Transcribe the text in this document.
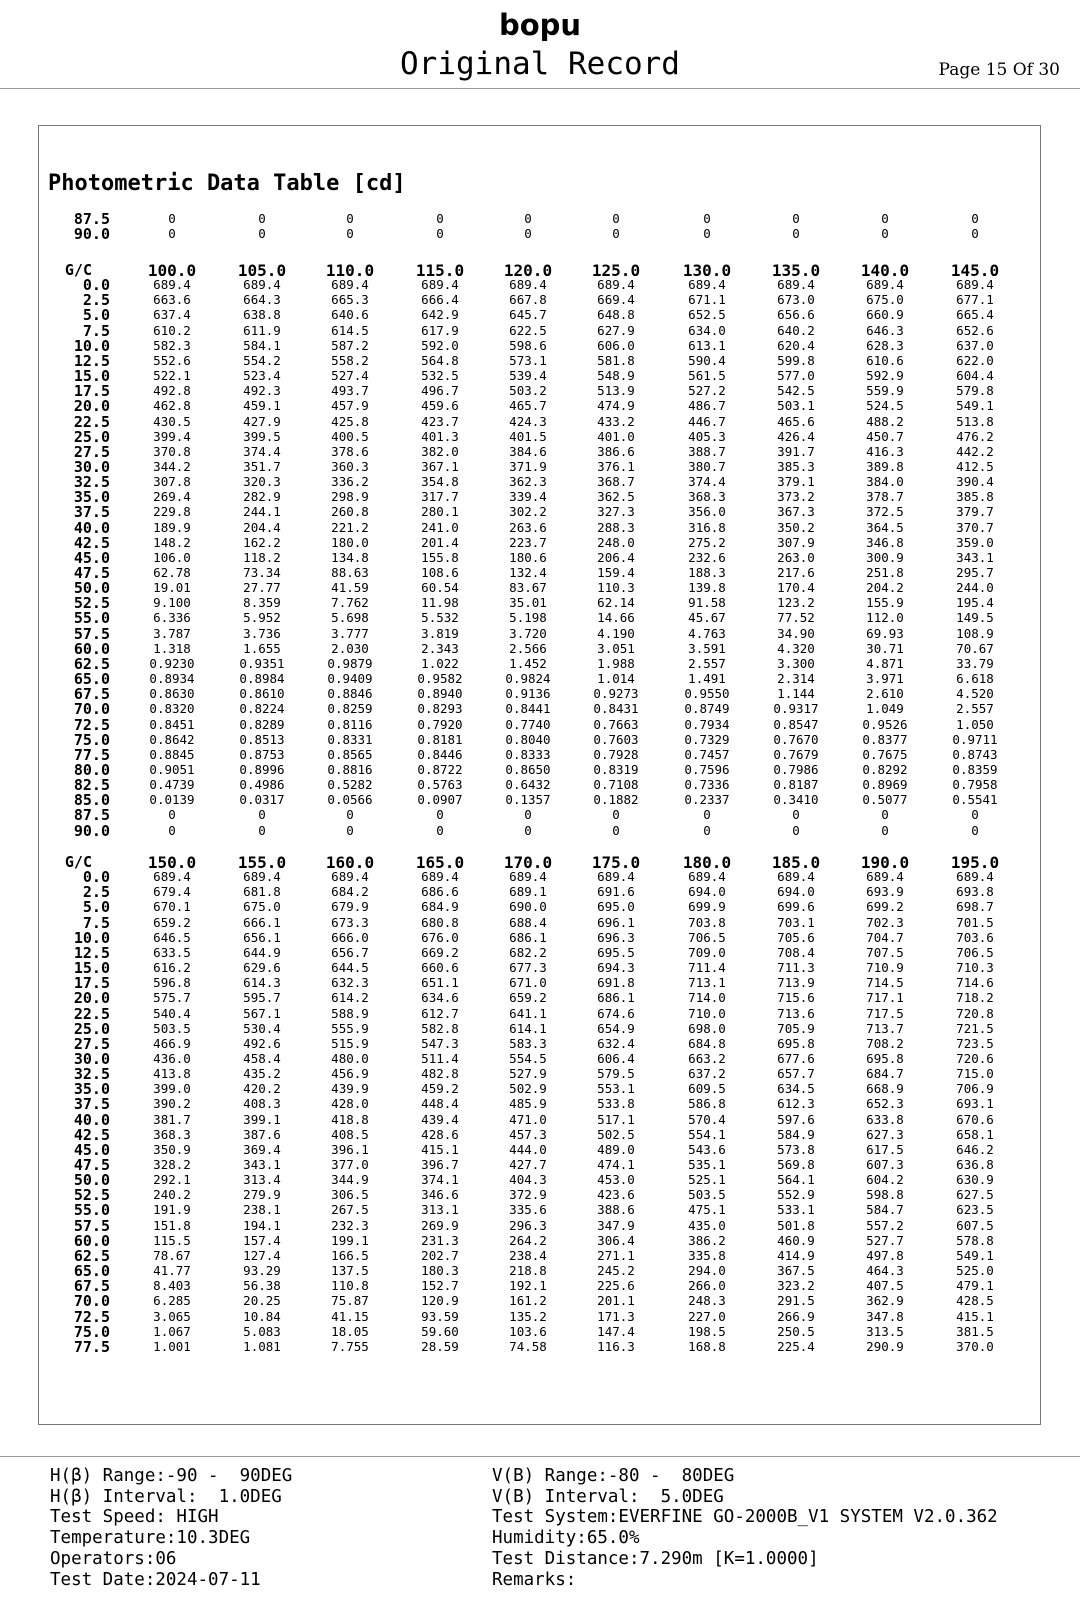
bopu
Original Record	Page 15 Of 30
Photometric Data Table [cd]
87.5	0	0	0	0	0	0	0	0	0	0
90.0	0	0	0	0	0	0	0	0	0	0
G/C	100.0	105.0	110.0	115.0	120.0	125.0	130.0	135.0	140.0	145.0
0.0	689.4	689.4	689.4	689.4	689.4	689.4	689.4	689.4	689.4	689.4
2.5	663.6	664.3	665.3	666.4	667.8	669.4	671.1	673.0	675.0	677.1
5.0	637.4	638.8	640.6	642.9	645.7	648.8	652.5	656.6	660.9	665.4
7.5	610.2	611.9	614.5	617.9	622.5	627.9	634.0	640.2	646.3	652.6
10.0	582.3	584.1	587.2	592.0	598.6	606.0	613.1	620.4	628.3	637.0
12.5	552.6	554.2	558.2	564.8	573.1	581.8	590.4	599.8	610.6	622.0
15.0	522.1	523.4	527.4	532.5	539.4	548.9	561.5	577.0	592.9	604.4
17.5	492.8	492.3	493.7	496.7	503.2	513.9	527.2	542.5	559.9	579.8
20.0	462.8	459.1	457.9	459.6	465.7	474.9	486.7	503.1	524.5	549.1
22.5	430.5	427.9	425.8	423.7	424.3	433.2	446.7	465.6	488.2	513.8
25.0	399.4	399.5	400.5	401.3	401.5	401.0	405.3	426.4	450.7	476.2
27.5	370.8	374.4	378.6	382.0	384.6	386.6	388.7	391.7	416.3	442.2
30.0	344.2	351.7	360.3	367.1	371.9	376.1	380.7	385.3	389.8	412.5
32.5	307.8	320.3	336.2	354.8	362.3	368.7	374.4	379.1	384.0	390.4
35.0	269.4	282.9	298.9	317.7	339.4	362.5	368.3	373.2	378.7	385.8
37.5	229.8	244.1	260.8	280.1	302.2	327.3	356.0	367.3	372.5	379.7
40.0	189.9	204.4	221.2	241.0	263.6	288.3	316.8	350.2	364.5	370.7
42.5	148.2	162.2	180.0	201.4	223.7	248.0	275.2	307.9	346.8	359.0
45.0	106.0	118.2	134.8	155.8	180.6	206.4	232.6	263.0	300.9	343.1
47.5	62.78	73.34	88.63	108.6	132.4	159.4	188.3	217.6	251.8	295.7
50.0	19.01	27.77	41.59	60.54	83.67	110.3	139.8	170.4	204.2	244.0
52.5	9.100	8.359	7.762	11.98	35.01	62.14	91.58	123.2	155.9	195.4
55.0	6.336	5.952	5.698	5.532	5.198	14.66	45.67	77.52	112.0	149.5
57.5	3.787	3.736	3.777	3.819	3.720	4.190	4.763	34.90	69.93	108.9
60.0	1.318	1.655	2.030	2.343	2.566	3.051	3.591	4.320	30.71	70.67
62.5	0.9230	0.9351	0.9879	1.022	1.452	1.988	2.557	3.300	4.871	33.79
65.0	0.8934	0.8984	0.9409	0.9582	0.9824	1.014	1.491	2.314	3.971	6.618
67.5	0.8630	0.8610	0.8846	0.8940	0.9136	0.9273	0.9550	1.144	2.610	4.520
70.0	0.8320	0.8224	0.8259	0.8293	0.8441	0.8431	0.8749	0.9317	1.049	2.557
72.5	0.8451	0.8289	0.8116	0.7920	0.7740	0.7663	0.7934	0.8547	0.9526	1.050
75.0	0.8642	0.8513	0.8331	0.8181	0.8040	0.7603	0.7329	0.7670	0.8377	0.9711
77.5	0.8845	0.8753	0.8565	0.8446	0.8333	0.7928	0.7457	0.7679	0.7675	0.8743
80.0	0.9051	0.8996	0.8816	0.8722	0.8650	0.8319	0.7596	0.7986	0.8292	0.8359
82.5	0.4739	0.4986	0.5282	0.5763	0.6432	0.7108	0.7336	0.8187	0.8969	0.7958
85.0	0.0139	0.0317	0.0566	0.0907	0.1357	0.1882	0.2337	0.3410	0.5077	0.5541
87.5	0	0	0	0	0	0	0	0	0	0
90.0	0	0	0	0	0	0	0	0	0	0
G/C	150.0	155.0	160.0	165.0	170.0	175.0	180.0	185.0	190.0	195.0
0.0	689.4	689.4	689.4	689.4	689.4	689.4	689.4	689.4	689.4	689.4
2.5	679.4	681.8	684.2	686.6	689.1	691.6	694.0	694.0	693.9	693.8
5.0	670.1	675.0	679.9	684.9	690.0	695.0	699.9	699.6	699.2	698.7
7.5	659.2	666.1	673.3	680.8	688.4	696.1	703.8	703.1	702.3	701.5
10.0	646.5	656.1	666.0	676.0	686.1	696.3	706.5	705.6	704.7	703.6
12.5	633.5	644.9	656.7	669.2	682.2	695.5	709.0	708.4	707.5	706.5
15.0	616.2	629.6	644.5	660.6	677.3	694.3	711.4	711.3	710.9	710.3
17.5	596.8	614.3	632.3	651.1	671.0	691.8	713.1	713.9	714.5	714.6
20.0	575.7	595.7	614.2	634.6	659.2	686.1	714.0	715.6	717.1	718.2
22.5	540.4	567.1	588.9	612.7	641.1	674.6	710.0	713.6	717.5	720.8
25.0	503.5	530.4	555.9	582.8	614.1	654.9	698.0	705.9	713.7	721.5
27.5	466.9	492.6	515.9	547.3	583.3	632.4	684.8	695.8	708.2	723.5
30.0	436.0	458.4	480.0	511.4	554.5	606.4	663.2	677.6	695.8	720.6
32.5	413.8	435.2	456.9	482.8	527.9	579.5	637.2	657.7	684.7	715.0
35.0	399.0	420.2	439.9	459.2	502.9	553.1	609.5	634.5	668.9	706.9
37.5	390.2	408.3	428.0	448.4	485.9	533.8	586.8	612.3	652.3	693.1
40.0	381.7	399.1	418.8	439.4	471.0	517.1	570.4	597.6	633.8	670.6
42.5	368.3	387.6	408.5	428.6	457.3	502.5	554.1	584.9	627.3	658.1
45.0	350.9	369.4	396.1	415.1	444.0	489.0	543.6	573.8	617.5	646.2
47.5	328.2	343.1	377.0	396.7	427.7	474.1	535.1	569.8	607.3	636.8
50.0	292.1	313.4	344.9	374.1	404.3	453.0	525.1	564.1	604.2	630.9
52.5	240.2	279.9	306.5	346.6	372.9	423.6	503.5	552.9	598.8	627.5
55.0	191.9	238.1	267.5	313.1	335.6	388.6	475.1	533.1	584.7	623.5
57.5	151.8	194.1	232.3	269.9	296.3	347.9	435.0	501.8	557.2	607.5
60.0	115.5	157.4	199.1	231.3	264.2	306.4	386.2	460.9	527.7	578.8
62.5	78.67	127.4	166.5	202.7	238.4	271.1	335.8	414.9	497.8	549.1
65.0	41.77	93.29	137.5	180.3	218.8	245.2	294.0	367.5	464.3	525.0
67.5	8.403	56.38	110.8	152.7	192.1	225.6	266.0	323.2	407.5	479.1
70.0	6.285	20.25	75.87	120.9	161.2	201.1	248.3	291.5	362.9	428.5
72.5	3.065	10.84	41.15	93.59	135.2	171.3	227.0	266.9	347.8	415.1
75.0	1.067	5.083	18.05	59.60	103.6	147.4	198.5	250.5	313.5	381.5
77.5	1.001	1.081	7.755	28.59	74.58	116.3	168.8	225.4	290.9	370.0
H(β) Range:-90 -  90DEG
H(β) Interval:  1.0DEG
Test Speed: HIGH
Temperature:10.3DEG
Operators:06
Test Date:2024-07-11
V(B) Range:-80 -  80DEG
V(B) Interval:  5.0DEG
Test System:EVERFINE GO-2000B_V1 SYSTEM V2.0.362
Humidity:65.0%
Test Distance:7.290m [K=1.0000]
Remarks:
